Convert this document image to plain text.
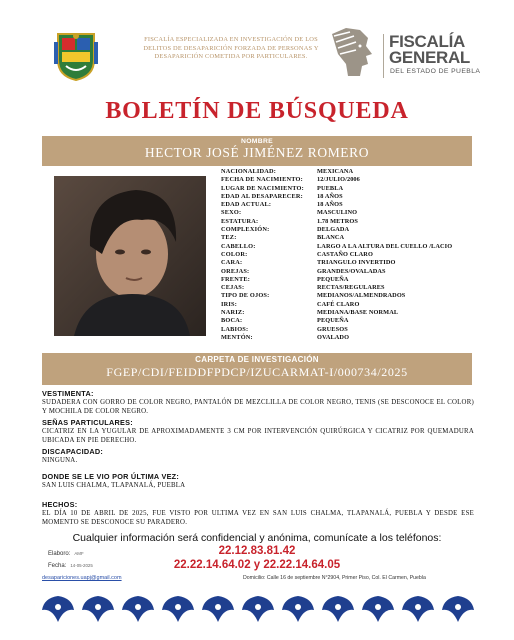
FISCALÍA ESPECIALIZADA EN INVESTIGACIÓN DE LOS DELITOS DE DESAPARICIÓN FORZADA DE PERSONAS Y DESAPARICIÓN COMETIDA POR PARTICULARES.
FISCALÍA
GENERAL
DEL ESTADO DE PUEBLA
BOLETÍN DE BÚSQUEDA
NOMBRE
HECTOR JOSÉ JIMÉNEZ ROMERO
NACIONALIDAD:	MEXICANA
FECHA DE NACIMIENTO:	12/JULIO/2006
LUGAR DE NACIMIENTO:	PUEBLA
EDAD AL DESAPARECER:	18 AÑOS
EDAD ACTUAL:	18 AÑOS
SEXO:	MASCULINO
ESTATURA:	1.78 METROS
COMPLEXIÓN:	DELGADA
TEZ:	BLANCA
CABELLO:	LARGO A LA ALTURA DEL CUELLO /LACIO
COLOR:	CASTAÑO CLARO
CARA:	TRIANGULO INVERTIDO
OREJAS:	GRANDES/OVALADAS
FRENTE:	PEQUEÑA
CEJAS:	RECTAS/REGULARES
TIPO DE OJOS:	MEDIANOS/ALMENDRADOS
IRIS:	CAFÉ CLARO
NARIZ:	MEDIANA/BASE NORMAL
BOCA:	PEQUEÑA
LABIOS:	GRUESOS
MENTÓN:	OVALADO
CARPETA DE INVESTIGACIÓN
FGEP/CDI/FEIDDFPDCP/IZUCARMAT-I/000734/2025
VESTIMENTA:
SUDADERA CON GORRO DE COLOR NEGRO, PANTALÓN DE MEZCLILLA DE COLOR NEGRO, TENIS (SE DESCONOCE EL COLOR) Y MOCHILA DE COLOR NEGRO.
SEÑAS PARTICULARES:
CICATRIZ EN LA YUGULAR DE APROXIMADAMENTE 3 CM POR INTERVENCIÓN QUIRÚRGICA Y CICATRIZ POR QUEMADURA UBICADA EN PIE DERECHO.
DISCAPACIDAD:
NINGUNA.
DONDE SE LE VIO POR ÚLTIMA VEZ:
SAN LUIS CHALMA, TLAPANALÁ, PUEBLA
HECHOS:
EL DÍA 10 DE ABRIL DE 2025, FUE VISTO POR ULTIMA VEZ EN SAN LUIS CHALMA, TLAPANALÁ, PUEBLA Y DESDE ESE MOMENTO SE DESCONOCE SU PARADERO.
Cualquier información será confidencial y anónima, comunícate a los teléfonos:
22.12.83.81.42
22.22.14.64.02 y 22.22.14.64.05
Elaboro: AMF
Fecha: 14-05-2025
desapariciones.uapj@gmail.com	Domicilio: Calle 16 de septiembre N°2904, Primer Piso, Col. El Carmen, Puebla
